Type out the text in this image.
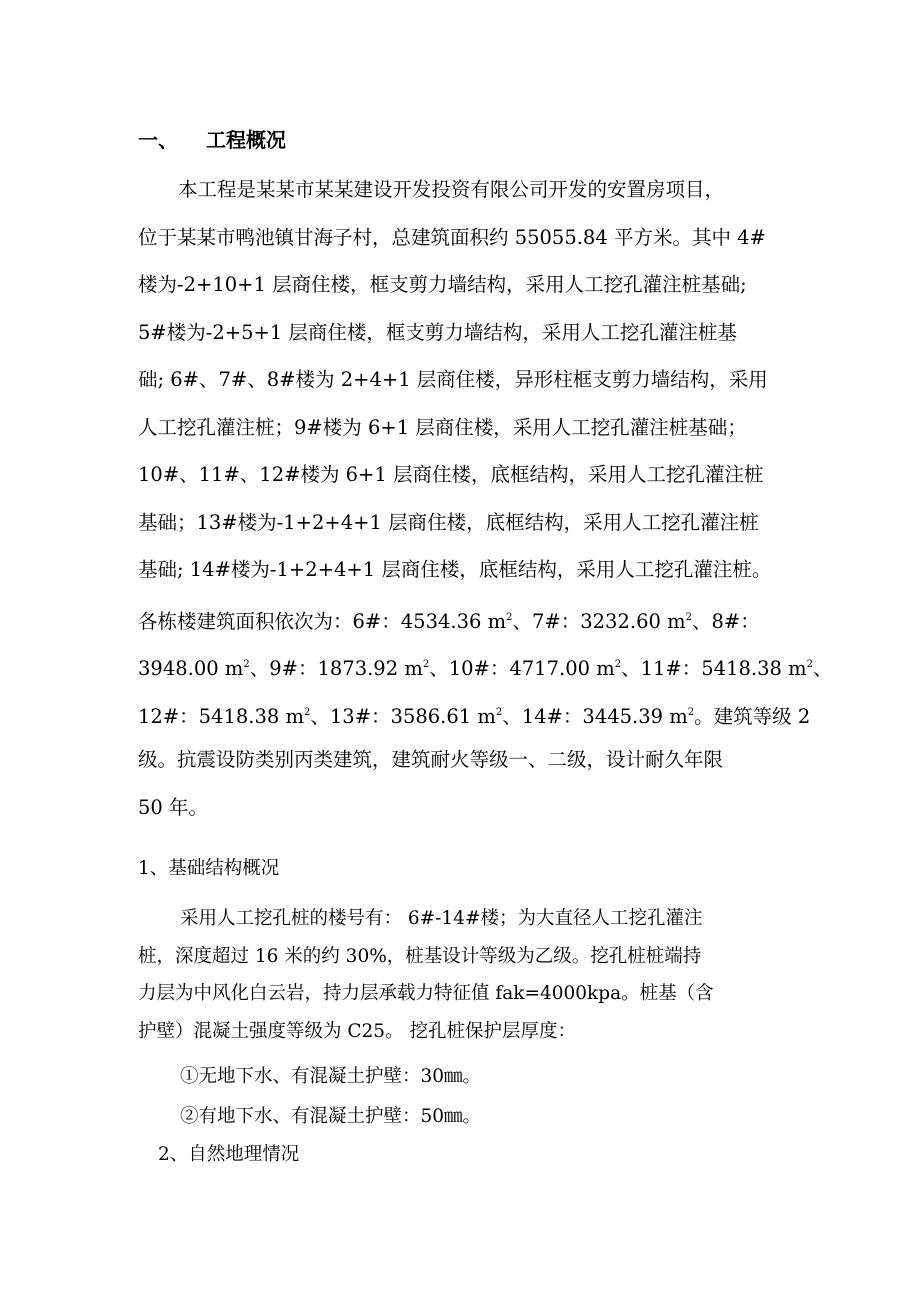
一、 工程概况
本工程是某某市某某建设开发投资有限公司开发的安置房项目，
位于某某市鸭池镇甘海子村，总建筑面积约 55055.84 平方米。其中 4#
楼为-2+10+1 层商住楼，框支剪力墙结构，采用人工挖孔灌注桩基础;
5#楼为-2+5+1 层商住楼，框支剪力墙结构，采用人工挖孔灌注桩基
础; 6#、7#、8#楼为 2+4+1 层商住楼，异形柱框支剪力墙结构，采用
人工挖孔灌注桩；9#楼为 6+1 层商住楼，采用人工挖孔灌注桩基础；
10#、11#、12#楼为 6+1 层商住楼，底框结构，采用人工挖孔灌注桩
基础；13#楼为-1+2+4+1 层商住楼，底框结构，采用人工挖孔灌注桩
基础; 14#楼为-1+2+4+1 层商住楼，底框结构，采用人工挖孔灌注桩。
各栋楼建筑面积依次为：6#：4534.36 $m^2$、7#：3232.60 $m^2$、8#：
3948.00 $m^2$、9#：1873.92 $m^2$、10#：4717.00 $m^2$、11#：5418.38 $m^2$、
12#：5418.38 $m^2$、13#：3586.61 $m^2$、14#：3445.39 $m^2$。建筑等级 2
级。抗震设防类别丙类建筑，建筑耐火等级一、二级，设计耐久年限
50 年。
1、基础结构概况
采用人工挖孔桩的楼号有： 6#-14#楼；为大直径人工挖孔灌注
桩，深度超过 16 米的约 30%，桩基设计等级为乙级。挖孔桩桩端持
力层为中风化白云岩，持力层承载力特征值 fak=4000kpa。桩基（含
护壁）混凝土强度等级为 C25。 挖孔桩保护层厚度：
①无地下水、有混凝土护壁：30㎜。
②有地下水、有混凝土护壁：50㎜。
2、自然地理情况
